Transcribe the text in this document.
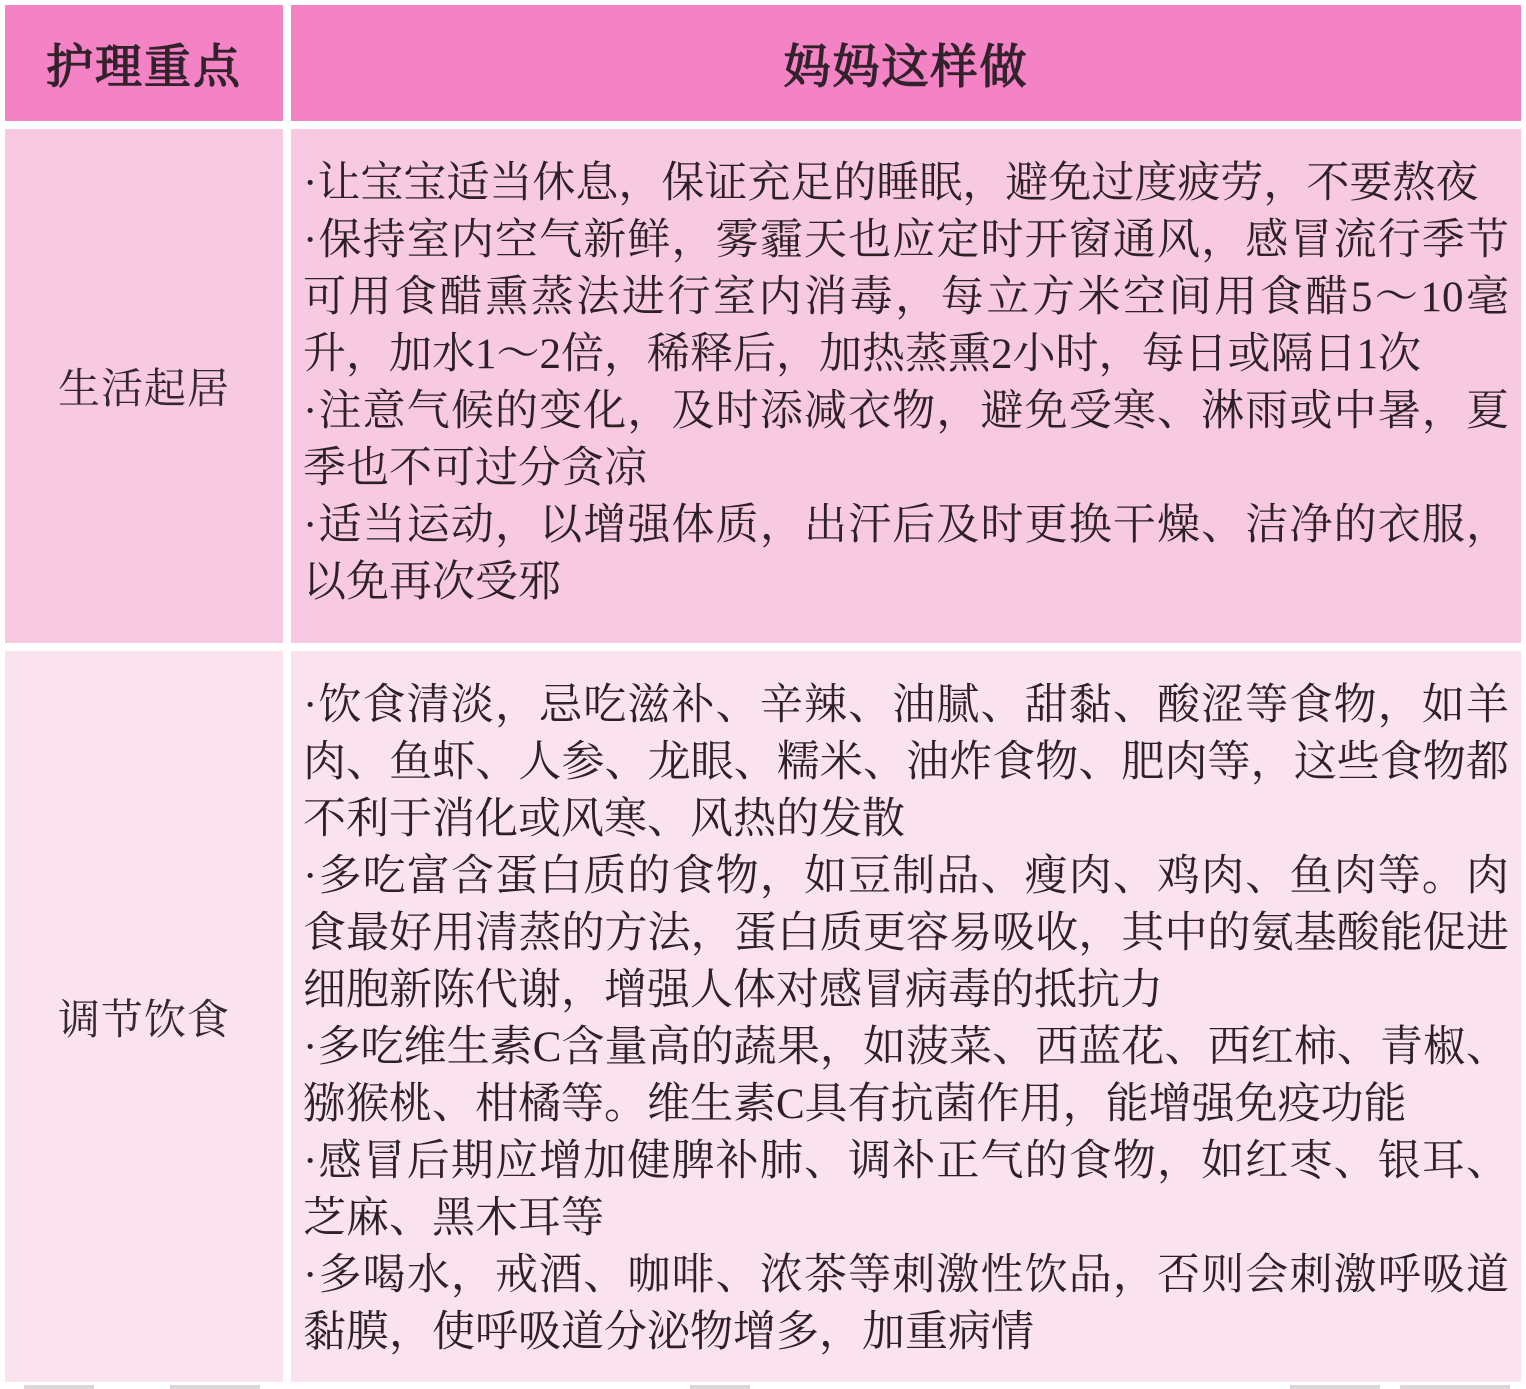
护理重点	妈妈这样做
生活起居

·让宝宝适当休息，保证充足的睡眠，避免过度疲劳，不要熬夜

·保持室内空气新鲜，雾霾天也应定时开窗通风，感冒流行季节可用食醋熏蒸法进行室内消毒，每立方米空间用食醋5～10毫升，加水1～2倍，稀释后，加热蒸熏2小时，每日或隔日1次

·注意气候的变化，及时添减衣物，避免受寒、淋雨或中暑，夏季也不可过分贪凉

·适当运动，以增强体质，出汗后及时更换干燥、洁净的衣服，以免再次受邪

调节饮食

·饮食清淡，忌吃滋补、辛辣、油腻、甜黏、酸涩等食物，如羊肉、鱼虾、人参、龙眼、糯米、油炸食物、肥肉等，这些食物都不利于消化或风寒、风热的发散

·多吃富含蛋白质的食物，如豆制品、瘦肉、鸡肉、鱼肉等。肉食最好用清蒸的方法，蛋白质更容易吸收，其中的氨基酸能促进细胞新陈代谢，增强人体对感冒病毒的抵抗力

·多吃维生素C含量高的蔬果，如菠菜、西蓝花、西红柿、青椒、猕猴桃、柑橘等。维生素C具有抗菌作用，能增强免疫功能

·感冒后期应增加健脾补肺、调补正气的食物，如红枣、银耳、芝麻、黑木耳等

·多喝水，戒酒、咖啡、浓茶等刺激性饮品，否则会刺激呼吸道黏膜，使呼吸道分泌物增多，加重病情
